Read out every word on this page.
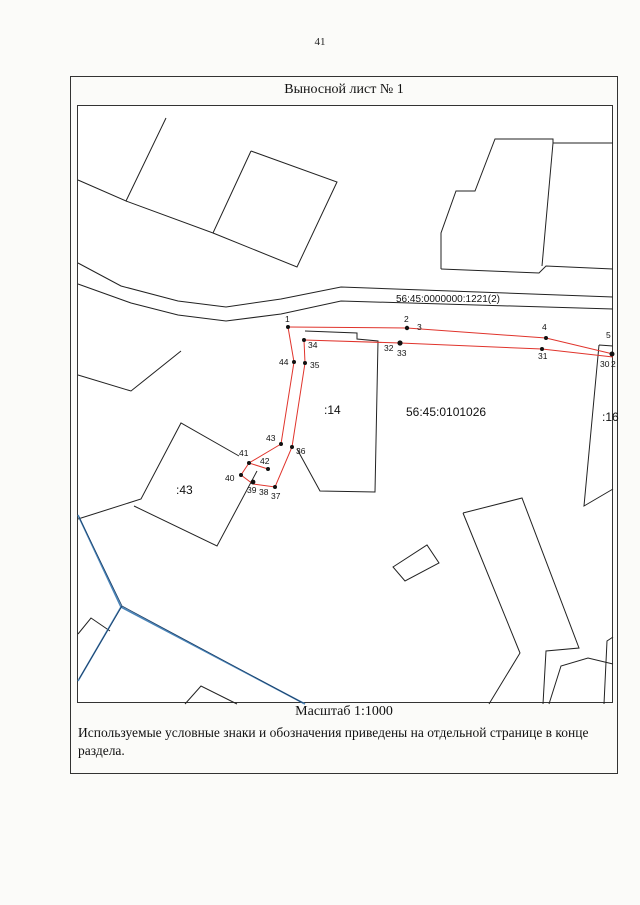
41
Выносной лист № 1
56:45:0000000:1221(2)
56:45:0101026
:14
:43
:16
1	2
3	4
5
30 2
31
32 33
34
35
36
37
38
39
40
41
42
43
44
Масштаб 1:1000
Используемые условные знаки и обозначения приведены на отдельной странице в конце раздела.
